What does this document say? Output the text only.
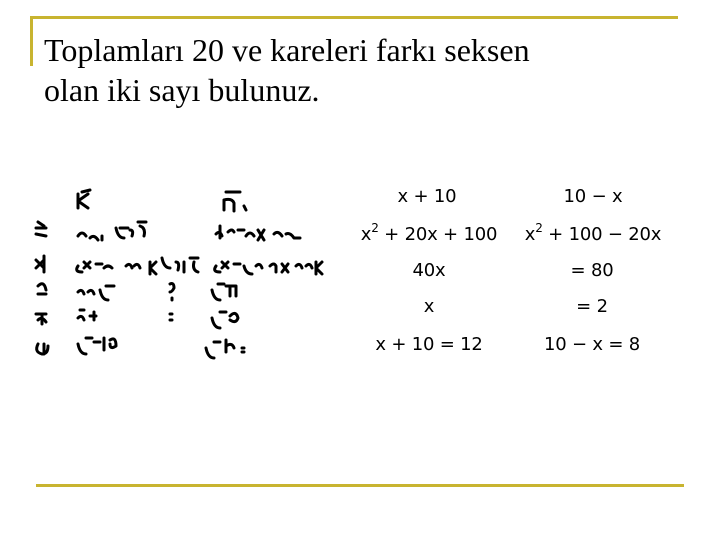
Toplamları 20 ve kareleri farkı seksen
olan iki sayı bulunuz.
x + 10
$x^2 + 20x + 100$
40x
x
x + 10 = 12
10 − x
$x^2 + 100 - 20x$
= 80
= 2
10 − x = 8
